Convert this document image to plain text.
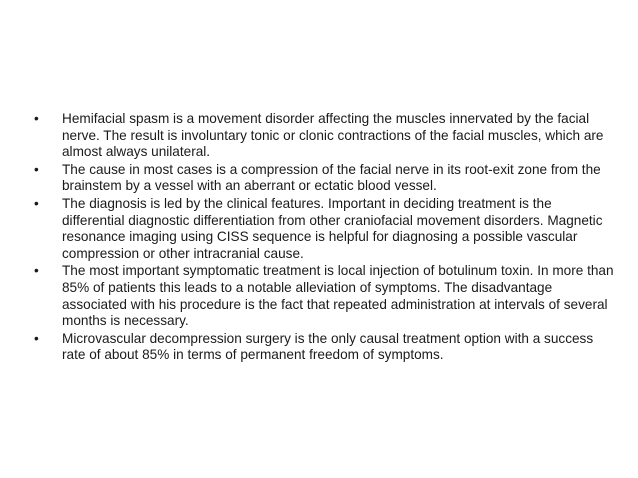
•	Hemifacial spasm is a movement disorder affecting the muscles innervated by the facial nerve. The result is involuntary tonic or clonic contractions of the facial muscles, which are almost always unilateral.
•	The cause in most cases is a compression of the facial nerve in its root-exit zone from the brainstem by a vessel with an aberrant or ectatic blood vessel.
•	The diagnosis is led by the clinical features. Important in deciding treatment is the differential diagnostic differentiation from other craniofacial movement disorders. Magnetic resonance imaging using CISS sequence is helpful for diagnosing a possible vascular compression or other intracranial cause.
•	The most important symptomatic treatment is local injection of botulinum toxin. In more than 85% of patients this leads to a notable alleviation of symptoms. The disadvantage associated with his procedure is the fact that repeated administration at intervals of several months is necessary.
•	Microvascular decompression surgery is the only causal treatment option with a success rate of about 85% in terms of permanent freedom of symptoms.
